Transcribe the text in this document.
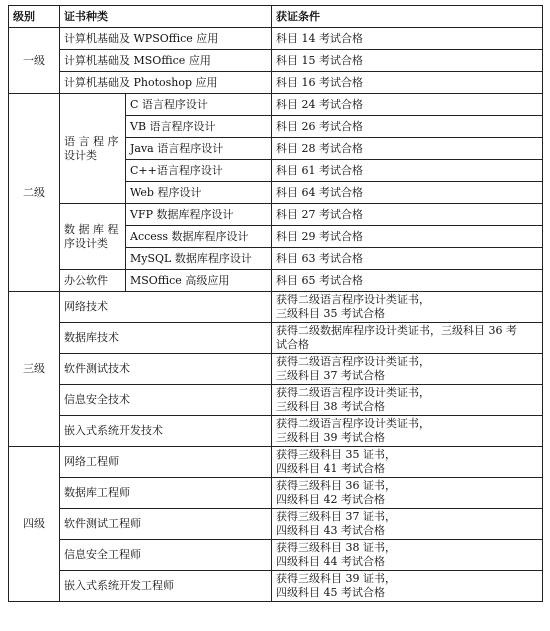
级别	证书种类		获证条件
一级	计算机基础及 WPSOffice 应用		科目 14 考试合格
	计算机基础及 MSOffice 应用		科目 15 考试合格
	计算机基础及 Photoshop 应用		科目 16 考试合格
二级	语 言 程 序设计类	C 语言程序设计	科目 24 考试合格
		VB 语言程序设计	科目 26 考试合格
		Java 语言程序设计	科目 28 考试合格
		C++语言程序设计	科目 61 考试合格
		Web 程序设计	科目 64 考试合格
	数 据 库 程 序设计类	VFP 数据库程序设计	科目 27 考试合格
		Access 数据库程序设计	科目 29 考试合格
		MySQL 数据库程序设计	科目 63 考试合格
	办公软件	MSOffice 高级应用	科目 65 考试合格
三级	网络技术		获得二级语言程序设计类证书，
三级科目 35 考试合格

	数据库技术		获得二级数据库程序设计类证书，三级科目 36 考
试合格

	软件测试技术		获得二级语言程序设计类证书，
三级科目 37 考试合格

	信息安全技术		获得二级语言程序设计类证书，
三级科目 38 考试合格

	嵌入式系统开发技术		获得二级语言程序设计类证书，
三级科目 39 考试合格

四级	网络工程师		获得三级科目 35 证书，
四级科目 41 考试合格

	数据库工程师		获得三级科目 36 证书，
四级科目 42 考试合格

	软件测试工程师		获得三级科目 37 证书，
四级科目 43 考试合格

	信息安全工程师		获得三级科目 38 证书，
四级科目 44 考试合格

	嵌入式系统开发工程师		获得三级科目 39 证书，
四级科目 45 考试合格
